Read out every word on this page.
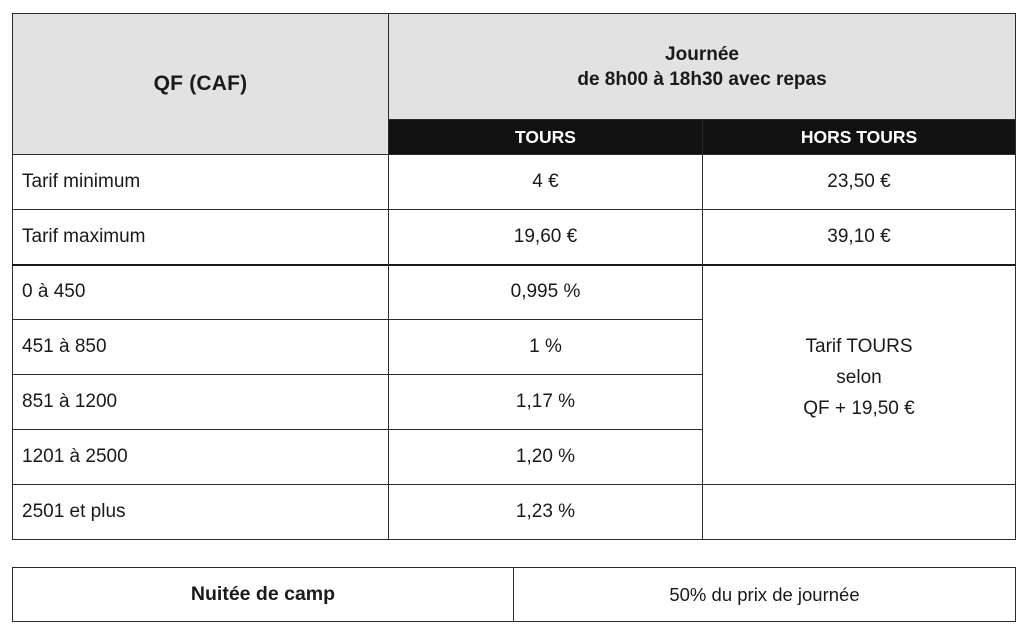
QF (CAF)	Journée
de 8h00 à 18h30 avec repas	

	TOURS	HORS TOURS
Tarif minimum	4 €	23,50 €
Tarif maximum	19,60 €	39,10 €
0 à 450	0,995 %	Tarif TOURS
selon
QF + 19,50 €

451 à 850	1 %	
851 à 1200	1,17 %	
1201 à 2500	1,20 %	
2501 et plus	1,23 %	
Nuitée de camp	50% du prix de journée
